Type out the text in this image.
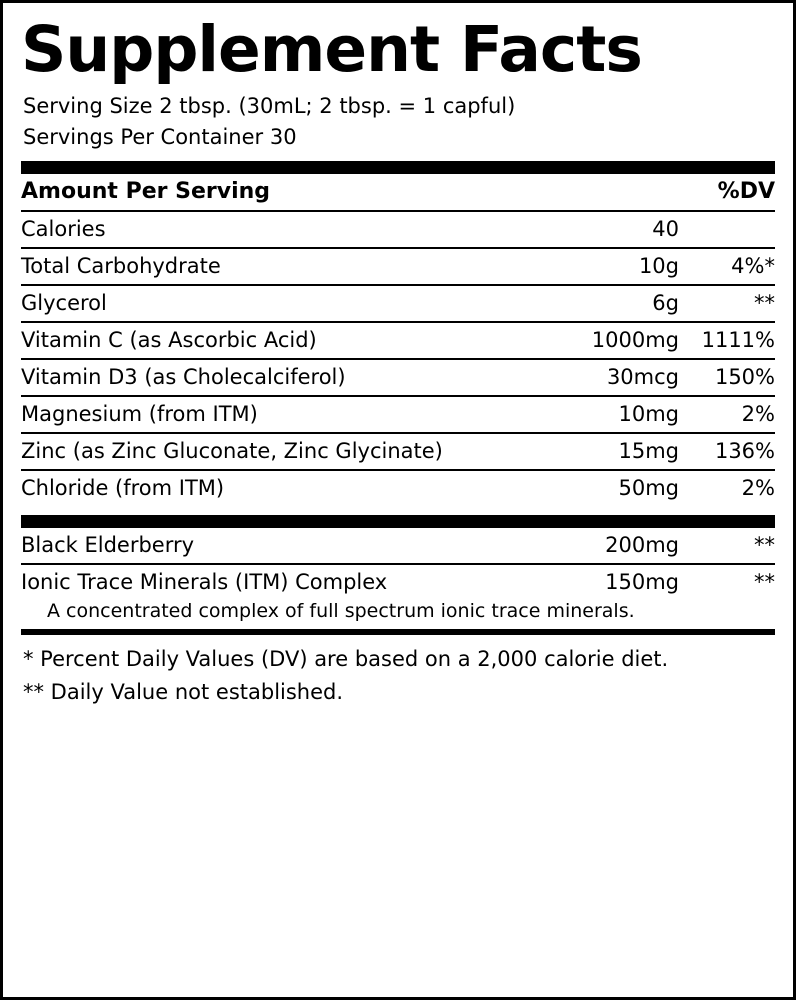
Supplement Facts
Serving Size 2 tbsp. (30mL; 2 tbsp. = 1 capful)
Servings Per Container 30
Amount Per Serving		%DV
Calories	40	
Total Carbohydrate	10g	4%*
Glycerol	6g	**
Vitamin C (as Ascorbic Acid)	1000mg	1111%
Vitamin D3 (as Cholecalciferol)	30mcg	150%
Magnesium (from ITM)	10mg	2%
Zinc (as Zinc Gluconate, Zinc Glycinate)	15mg	136%
Chloride (from ITM)	50mg	2%
Black Elderberry	200mg	**
Ionic Trace Minerals (ITM) Complex	150mg	**
A concentrated complex of full spectrum ionic trace minerals.
* Percent Daily Values (DV) are based on a 2,000 calorie diet.
** Daily Value not established.
